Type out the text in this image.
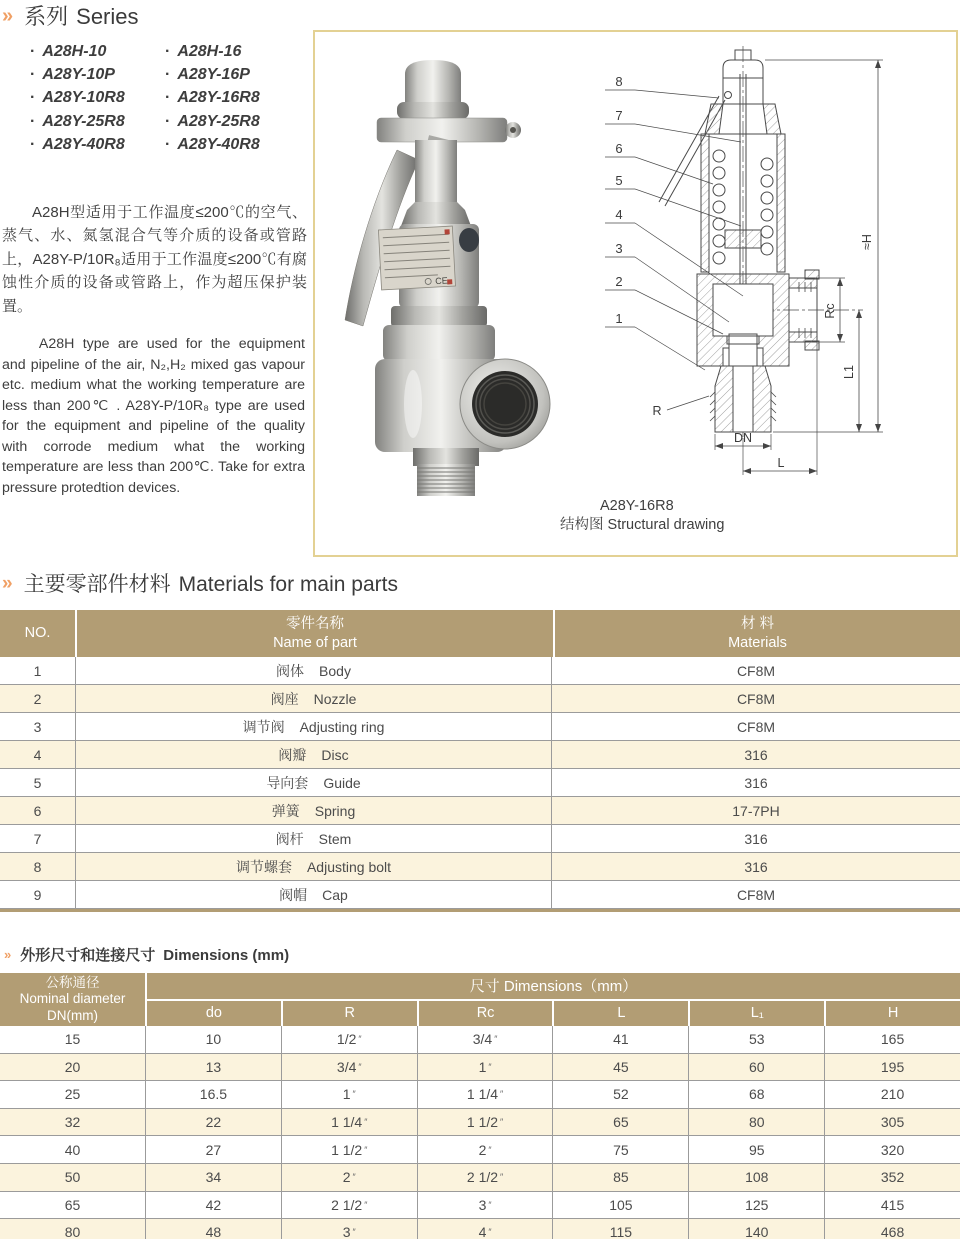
» 系列 Series
· A28H-10
· A28Y-10P
· A28Y-10R8
· A28Y-25R8
· A28Y-40R8
· A28H-16
· A28Y-16P
· A28Y-16R8
· A28Y-25R8
· A28Y-40R8

A28H型适用于工作温度≤200℃的空气、蒸气、水、氮氢混合气等介质的设备或管路上，A28Y-P/10R₈适用于工作温度≤200℃有腐蚀性介质的设备或管路上，作为超压保护装置。

A28H type are used for the equipment and pipeline of the air, N₂,H₂ mixed gas vapour etc. medium what the working temperature are less than 200℃ . A28Y-P/10R₈ type are used for the equipment and pipeline of the quality with corrode medium what the working temperature are less than 200℃. Take for extra pressure protedtion devices.

CE
≈H
Rc
L1
R
DN
L
8
7
6
5
4
3
2
1
A28Y-16R8
结构图 Structural drawing
» 主要零部件材料 Materials for main parts
NO.
零件名称
Name of part
材 料
Materials
1	阀体 Body	CF8M
2	阀座 Nozzle	CF8M
3	调节阀 Adjusting ring	CF8M
4	阀瓣 Disc	316
5	导向套 Guide	316
6	弹簧 Spring	17-7PH
7	阀杆 Stem	316
8	调节螺套 Adjusting bolt	316
9	阀帽 Cap	CF8M
» 外形尺寸和连接尺寸 Dimensions (mm)
公称通径
Nominal diameter
DN(mm)
尺寸 Dimensions（mm）
do	R	Rc	L	L₁	H
15	10	1/2 ″	3/4 ″	41	53	165
20	13	3/4 ″	1 ″	45	60	195
25	16.5	1 ″	1 1/4 ″	52	68	210
32	22	1 1/4 ″	1 1/2 ″	65	80	305
40	27	1 1/2 ″	2 ″	75	95	320
50	34	2 ″	2 1/2 ″	85	108	352
65	42	2 1/2 ″	3 ″	105	125	415
80	48	3 ″	4 ″	115	140	468
